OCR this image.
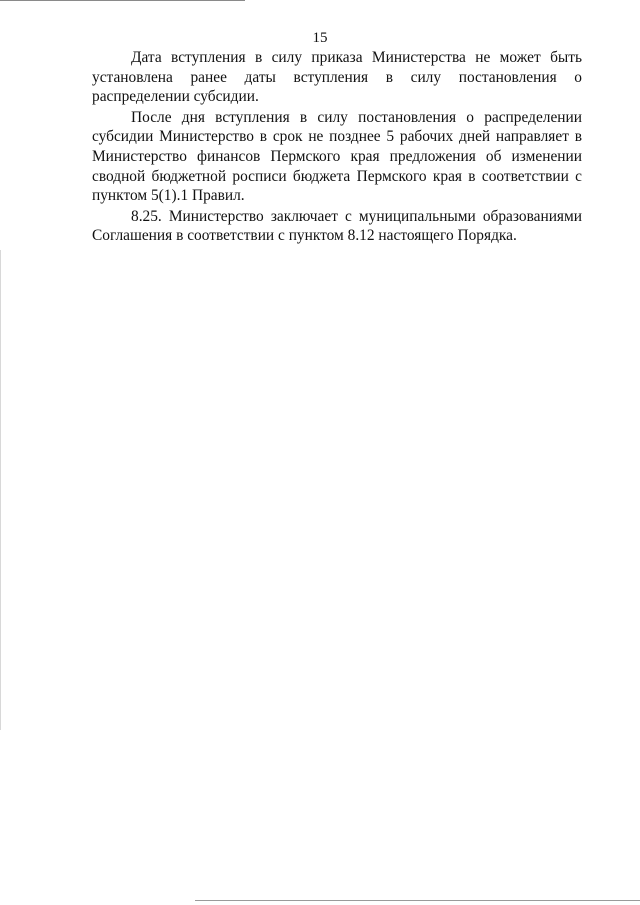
15

Дата вступления в силу приказа Министерства не может быть установлена ранее даты вступления в силу постановления о распределении субсидии.

После дня вступления в силу постановления о распределении субсидии Министерство в срок не позднее 5 рабочих дней направляет в Министерство финансов Пермского края предложения об изменении сводной бюджетной росписи бюджета Пермского края в соответствии с пунктом 5(1).1 Правил.

8.25. Министерство заключает с муниципальными образованиями Соглашения в соответствии с пунктом 8.12 настоящего Порядка.
